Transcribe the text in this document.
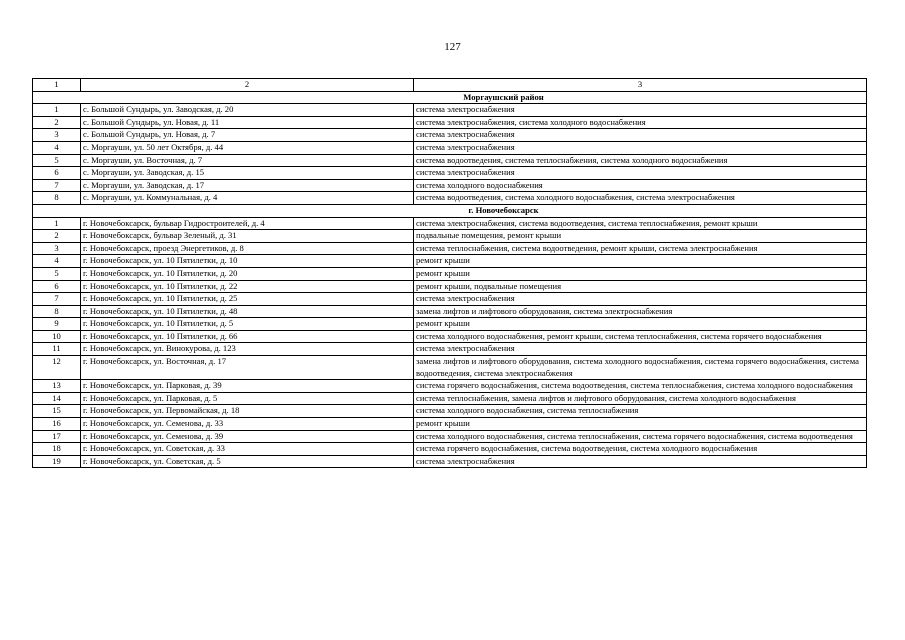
127
1	2	3
Моргаушский район		
1	с. Большой Сундырь, ул. Заводская, д. 20	система электроснабжения
2	с. Большой Сундырь, ул. Новая, д. 11	система электроснабжения, система холодного водоснабжения
3	с. Большой Сундырь, ул. Новая, д. 7	система электроснабжения
4	с. Моргауши, ул. 50 лет Октября, д. 44	система электроснабжения
5	с. Моргауши, ул. Восточная, д. 7	система водоотведения, система теплоснабжения, система холодного водоснабжения
6	с. Моргауши, ул. Заводская, д. 15	система электроснабжения
7	с. Моргауши, ул. Заводская, д. 17	система холодного водоснабжения
8	с. Моргауши, ул. Коммунальная, д. 4	система водоотведения, система холодного водоснабжения, система электроснабжения
г. Новочебоксарск		
1	г. Новочебоксарск, бульвар Гидростроителей, д. 4	система электроснабжения, система водоотведения, система теплоснабжения, ремонт крыши
2	г. Новочебоксарск, бульвар Зеленый, д. 31	подвальные помещения, ремонт крыши
3	г. Новочебоксарск, проезд Энергетиков, д. 8	система теплоснабжения, система водоотведения, ремонт крыши, система электроснабжения
4	г. Новочебоксарск, ул. 10 Пятилетки, д. 10	ремонт крыши
5	г. Новочебоксарск, ул. 10 Пятилетки, д. 20	ремонт крыши
6	г. Новочебоксарск, ул. 10 Пятилетки, д. 22	ремонт крыши, подвальные помещения
7	г. Новочебоксарск, ул. 10 Пятилетки, д. 25	система электроснабжения
8	г. Новочебоксарск, ул. 10 Пятилетки, д. 48	замена лифтов и лифтового оборудования, система электроснабжения
9	г. Новочебоксарск, ул. 10 Пятилетки, д. 5	ремонт крыши
10	г. Новочебоксарск, ул. 10 Пятилетки, д. 66	система холодного водоснабжения, ремонт крыши, система теплоснабжения, система горячего водоснабжения
11	г. Новочебоксарск, ул. Винокурова, д. 123	система электроснабжения
12	г. Новочебоксарск, ул. Восточная, д. 17	замена лифтов и лифтового оборудования, система холодного водоснабжения, система горячего водоснабжения, система водоотведения, система электроснабжения
13	г. Новочебоксарск, ул. Парковая, д. 39	система горячего водоснабжения, система водоотведения, система теплоснабжения, система холодного водоснабжения
14	г. Новочебоксарск, ул. Парковая, д. 5	система теплоснабжения, замена лифтов и лифтового оборудования, система холодного водоснабжения
15	г. Новочебоксарск, ул. Первомайская, д. 18	система холодного водоснабжения, система теплоснабжения
16	г. Новочебоксарск, ул. Семенова, д. 33	ремонт крыши
17	г. Новочебоксарск, ул. Семенова, д. 39	система холодного водоснабжения, система теплоснабжения, система горячего водоснабжения, система водоотведения
18	г. Новочебоксарск, ул. Советская, д. 33	система горячего водоснабжения, система водоотведения, система холодного водоснабжения
19	г. Новочебоксарск, ул. Советская, д. 5	система электроснабжения
